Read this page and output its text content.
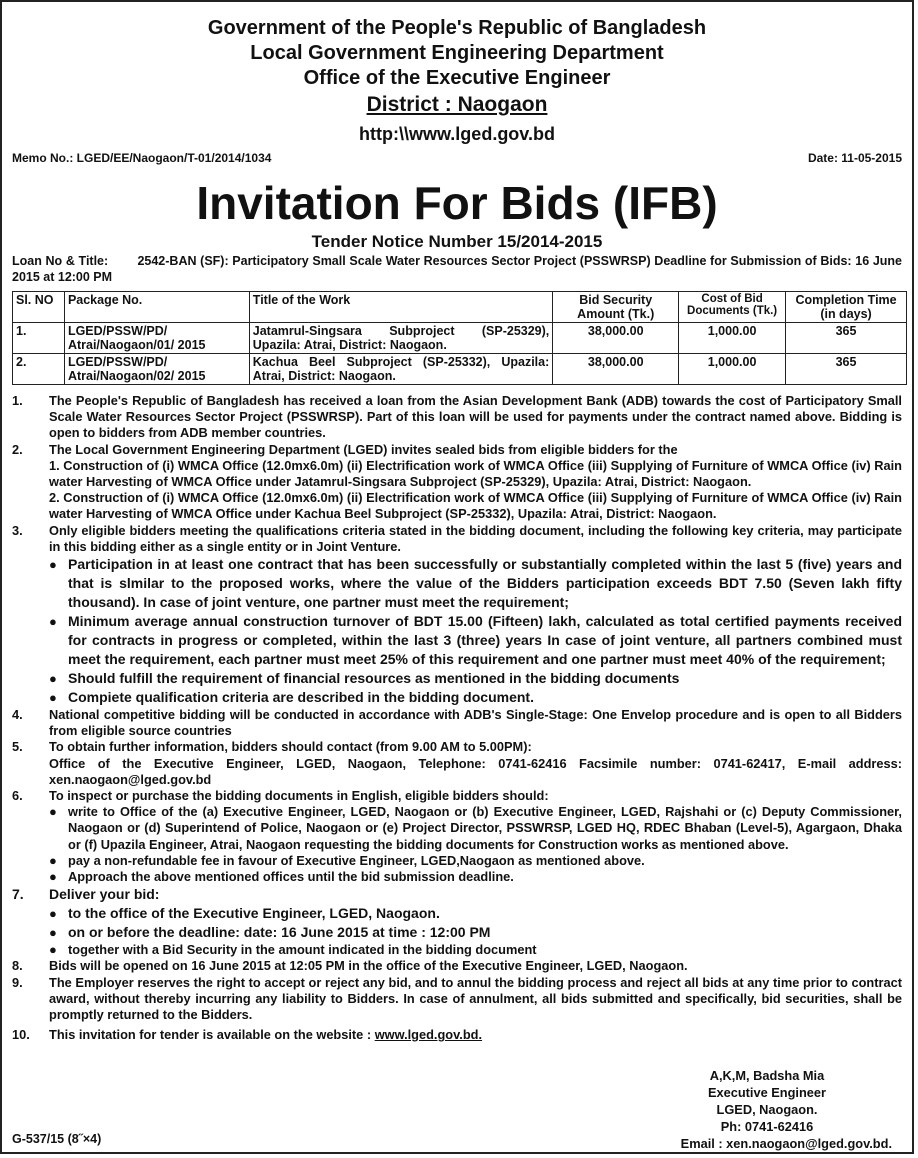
Government of the People's Republic of Bangladesh
Local Government Engineering Department
Office of the Executive Engineer
District : Naogaon
http:\\www.lged.gov.bd
Memo No.: LGED/EE/Naogaon/T-01/2014/1034	Date: 11-05-2015
Invitation For Bids (IFB)
Tender Notice Number 15/2014-2015
Loan No & Title:        2542-BAN (SF): Participatory Small Scale Water Resources Sector Project (PSSWRSP) Deadline for Submission of Bids: 16 June 2015 at 12:00 PM
Sl. NO	Package No.	Title of the Work	Bid Security Amount (Tk.)	Cost of Bid Documents (Tk.)	Completion Time (in days)
1.	LGED/PSSW/PD/ Atrai/Naogaon/01/ 2015	Jatamrul-Singsara Subproject (SP-25329), Upazila: Atrai, District: Naogaon.	38,000.00	1,000.00	365
2.	LGED/PSSW/PD/ Atrai/Naogaon/02/ 2015	Kachua Beel Subproject (SP-25332), Upazila: Atrai, District: Naogaon.	38,000.00	1,000.00	365
1.	The People's Republic of Bangladesh has received a loan from the Asian Development Bank (ADB) towards the cost of Participatory Small Scale Water Resources Sector Project (PSSWRSP). Part of this loan will be used for payments under the contract named above. Bidding is open to bidders from ADB member countries.
2.	The Local Government Engineering Department (LGED) invites sealed bids from eligible bidders for the
1. Construction of (i) WMCA Office (12.0mx6.0m) (ii) Electrification work of WMCA Office (iii) Supplying of Furniture of WMCA Office (iv) Rain water Harvesting of WMCA Office under Jatamrul-Singsara Subproject (SP-25329), Upazila: Atrai, District: Naogaon.
2. Construction of (i) WMCA Office (12.0mx6.0m) (ii) Electrification work of WMCA Office (iii) Supplying of Furniture of WMCA Office (iv) Rain water Harvesting of WMCA Office under Kachua Beel Subproject (SP-25332), Upazila: Atrai, District: Naogaon.
3.	Only eligible bidders meeting the qualifications criteria stated in the bidding document, including the following key criteria, may participate in this bidding either as a single entity or in Joint Venture.
● Participation in at least one contract that has been successfully or substantially completed within the last 5 (five) years and that is slmilar to the proposed works, where the value of the Bidders participation exceeds BDT 7.50 (Seven lakh fifty thousand). In case of joint venture, one partner must meet the requirement;
● Minimum average annual construction turnover of BDT 15.00 (Fifteen) lakh, calculated as total certified payments received for contracts in progress or completed, within the last 3 (three) years In case of joint venture, all partners combined must meet the requirement, each partner must meet 25% of this requirement and one partner must meet 40% of the requirement;
● Should fulfill the requirement of financial resources as mentioned in the bidding documents
● Compiete qualification criteria are described in the bidding document.
4.	National competitive bidding will be conducted in accordance with ADB's Single-Stage: One Envelop procedure and is open to all Bidders from eligible source countries
5.	To obtain further information, bidders should contact (from 9.00 AM to 5.00PM):
Office of the Executive Engineer, LGED, Naogaon, Telephone: 0741-62416 Facsimile number: 0741-62417, E-mail address: xen.naogaon@lged.gov.bd
6.	To inspect or purchase the bidding documents in English, eligible bidders should:
● write to Office of the (a) Executive Engineer, LGED, Naogaon or (b) Executive Engineer, LGED, Rajshahi or (c) Deputy Commissioner, Naogaon or (d) Superintend of Police, Naogaon or (e) Project Director, PSSWRSP, LGED HQ, RDEC Bhaban (Level-5), Agargaon, Dhaka or (f) Upazila Engineer, Atrai, Naogaon requesting the bidding documents for Construction works as mentioned above.
● pay a non-refundable fee in favour of Executive Engineer, LGED,Naogaon as mentioned above.
● Approach the above mentioned offices until the bid submission deadline.
7.	Deliver your bid:
● to the office of the Executive Engineer, LGED, Naogaon.
● on or before the deadline: date: 16 June 2015 at time : 12:00 PM
● together with a Bid Security in the amount indicated in the bidding document
8.	Bids will be opened on 16 June 2015 at 12:05 PM in the office of the Executive Engineer, LGED, Naogaon.
9.	The Employer reserves the right to accept or reject any bid, and to annul the bidding process and reject all bids at any time prior to contract award, without thereby incurring any liability to Bidders. In case of annulment, all bids submitted and specifically, bid securities, shall be promptly returned to the Bidders.
10.	This invitation for tender is available on the website : www.lged.gov.bd.
A,K,M, Badsha Mia
Executive Engineer
LGED, Naogaon.
Ph: 0741-62416
Email : xen.naogaon@lged.gov.bd.
G-537/15 (8˝×4)
